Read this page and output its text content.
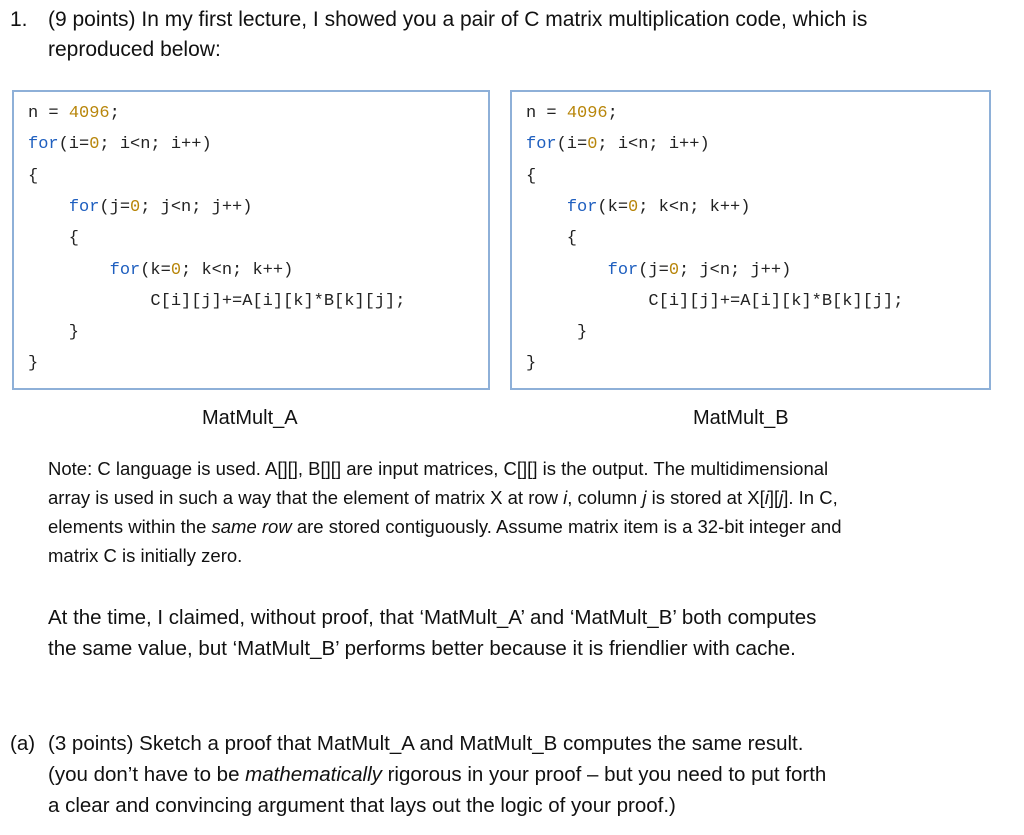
1. (9 points) In my first lecture, I showed you a pair of C matrix multiplication code, which is
reproduced below:
n = 4096;
for(i=0; i<n; i++)
{
for(j=0; j<n; j++)
{
for(k=0; k<n; k++)
C[i][j]+=A[i][k]*B[k][j];
}
}
n = 4096;
for(i=0; i<n; i++)
{
for(k=0; k<n; k++)
{
for(j=0; j<n; j++)
C[i][j]+=A[i][k]*B[k][j];
}
}
MatMult_A	MatMult_B
Note: C language is used. A[][], B[][] are input matrices, C[][] is the output. The multidimensional
array is used in such a way that the element of matrix X at row i, column j is stored at X[i][j]. In C,
elements within the same row are stored contiguously. Assume matrix item is a 32-bit integer and
matrix C is initially zero.
At the time, I claimed, without proof, that ‘MatMult_A’ and ‘MatMult_B’ both computes
the same value, but ‘MatMult_B’ performs better because it is friendlier with cache.
(a) (3 points) Sketch a proof that MatMult_A and MatMult_B computes the same result.
(you don’t have to be mathematically rigorous in your proof – but you need to put forth
a clear and convincing argument that lays out the logic of your proof.)
